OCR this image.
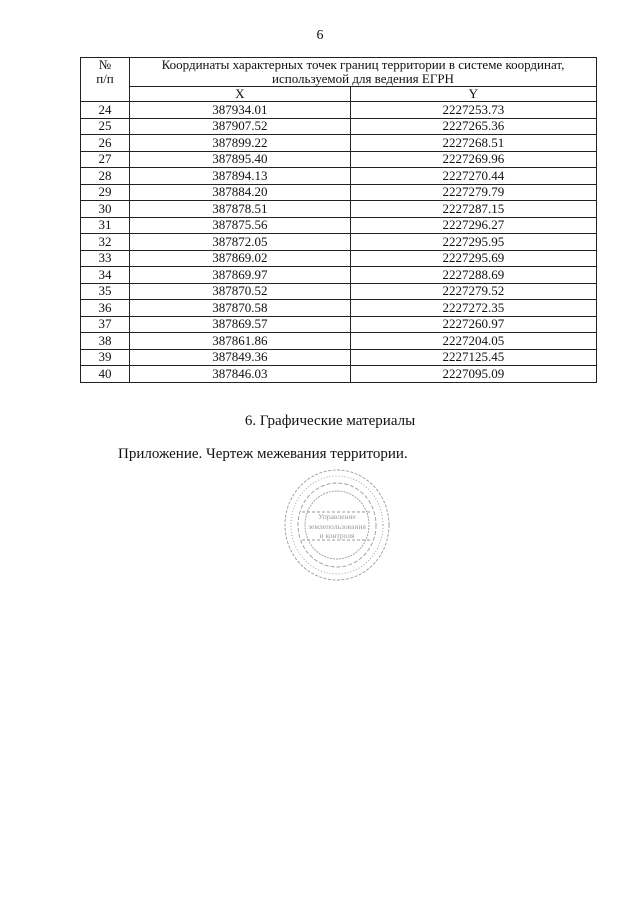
6
№
п/п	Координаты характерных точек границ территории в системе координат,
используемой для ведения ЕГРН	
	X	Y
24	387934.01	2227253.73
25	387907.52	2227265.36
26	387899.22	2227268.51
27	387895.40	2227269.96
28	387894.13	2227270.44
29	387884.20	2227279.79
30	387878.51	2227287.15
31	387875.56	2227296.27
32	387872.05	2227295.95
33	387869.02	2227295.69
34	387869.97	2227288.69
35	387870.52	2227279.52
36	387870.58	2227272.35
37	387869.57	2227260.97
38	387861.86	2227204.05
39	387849.36	2227125.45
40	387846.03	2227095.09
6. Графические материалы
Приложение. Чертеж межевания территории.
Управление
землепользования
и контроля
